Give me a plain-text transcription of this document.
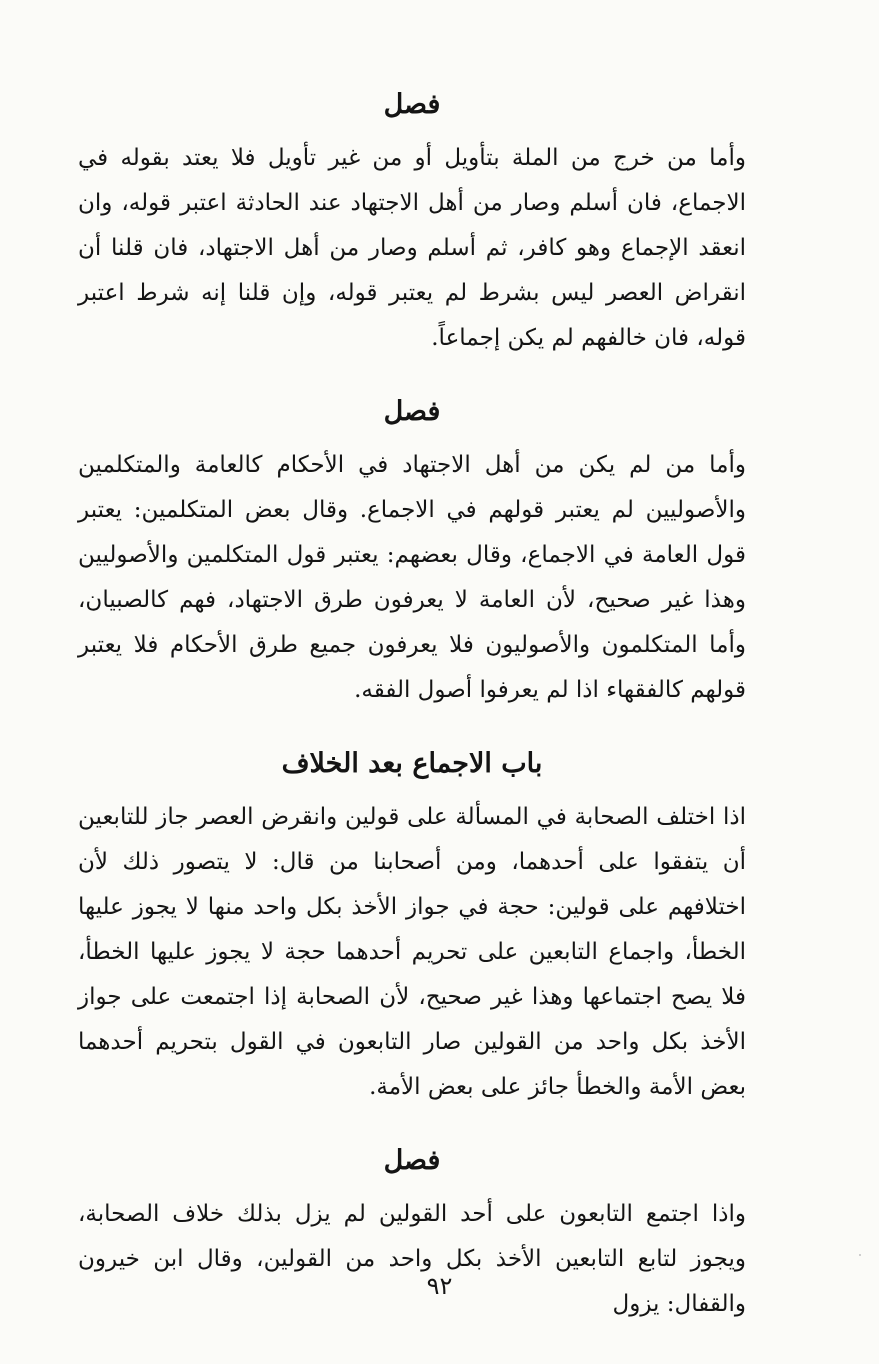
فصل

وأما من خرج من الملة بتأويل أو من غير تأويل فلا يعتد بقوله في الاجماع، فان أسلم وصار من أهل الاجتهاد عند الحادثة اعتبر قوله، وان انعقد الإجماع وهو كافر، ثم أسلم وصار من أهل الاجتهاد، فان قلنا أن انقراض العصر ليس بشرط لم يعتبر قوله، وإن قلنا إنه شرط اعتبر قوله، فان خالفهم لم يكن إجماعاً.

فصل

وأما من لم يكن من أهل الاجتهاد في الأحكام كالعامة والمتكلمين والأصوليين لم يعتبر قولهم في الاجماع. وقال بعض المتكلمين: يعتبر قول العامة في الاجماع، وقال بعضهم: يعتبر قول المتكلمين والأصوليين وهذا غير صحيح، لأن العامة لا يعرفون طرق الاجتهاد، فهم كالصبيان، وأما المتكلمون والأصوليون فلا يعرفون جميع طرق الأحكام فلا يعتبر قولهم كالفقهاء اذا لم يعرفوا أصول الفقه.

باب الاجماع بعد الخلاف

اذا اختلف الصحابة في المسألة على قولين وانقرض العصر جاز للتابعين أن يتفقوا على أحدهما، ومن أصحابنا من قال: لا يتصور ذلك لأن اختلافهم على قولين: حجة في جواز الأخذ بكل واحد منها لا يجوز عليها الخطأ، واجماع التابعين على تحريم أحدهما حجة لا يجوز عليها الخطأ، فلا يصح اجتماعها وهذا غير صحيح، لأن الصحابة إذا اجتمعت على جواز الأخذ بكل واحد من القولين صار التابعون في القول بتحريم أحدهما بعض الأمة والخطأ جائز على بعض الأمة.

فصل

واذا اجتمع التابعون على أحد القولين لم يزل بذلك خلاف الصحابة، ويجوز لتابع التابعين الأخذ بكل واحد من القولين، وقال ابن خيرون والقفال: يزول

٩٢
